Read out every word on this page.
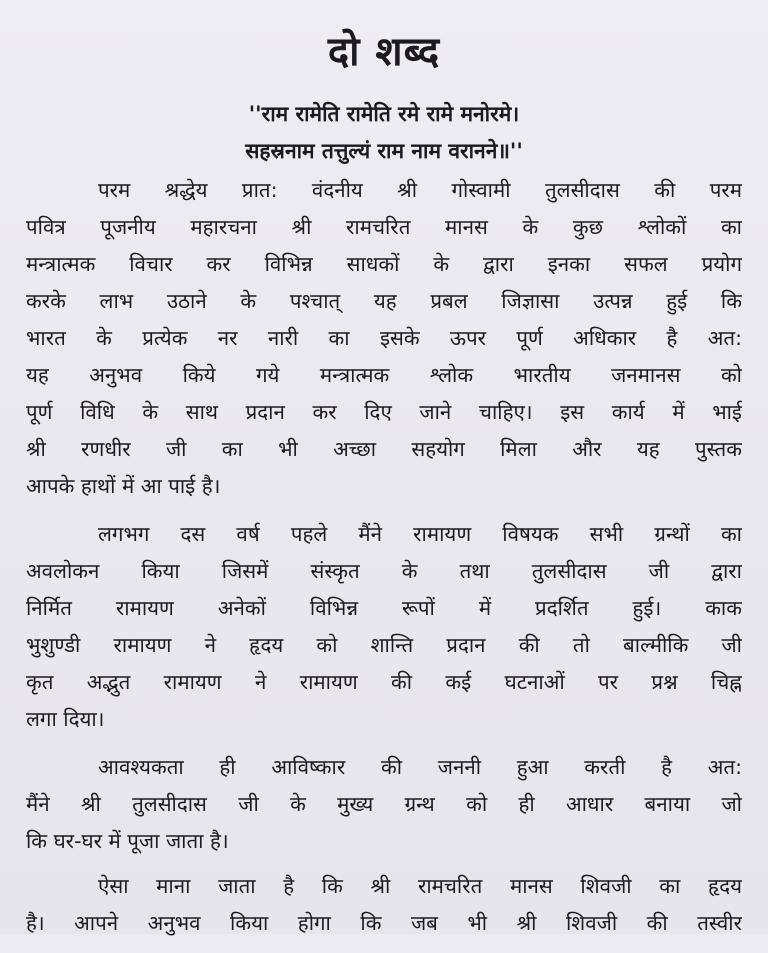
दो शब्द

''राम रामेति रामेति रमे रामे मनोरमे।

सहस्रनाम तत्तुल्यं राम नाम वरानने॥''

परम श्रद्धेय प्रात: वंदनीय श्री गोस्वामी तुलसीदास की परम
पवित्र पूजनीय महारचना श्री रामचरित मानस के कुछ श्लोकों का
मन्त्रात्मक विचार कर विभिन्न साधकों के द्वारा इनका सफल प्रयोग
करके लाभ उठाने के पश्चात् यह प्रबल जिज्ञासा उत्पन्न हुई कि
भारत के प्रत्येक नर नारी का इसके ऊपर पूर्ण अधिकार है अत:
यह अनुभव किये गये मन्त्रात्मक श्लोक भारतीय जनमानस को
पूर्ण विधि के साथ प्रदान कर दिए जाने चाहिए। इस कार्य में भाई
श्री रणधीर जी का भी अच्छा सहयोग मिला और यह पुस्तक
आपके हाथों में आ पाई है।

लगभग दस वर्ष पहले मैंने रामायण विषयक सभी ग्रन्थों का
अवलोकन किया जिसमें संस्कृत के तथा तुलसीदास जी द्वारा
निर्मित रामायण अनेकों विभिन्न रूपों में प्रदर्शित हुई। काक
भुशुण्डी रामायण ने हृदय को शान्ति प्रदान की तो बाल्मीकि जी
कृत अद्भुत रामायण ने रामायण की कई घटनाओं पर प्रश्न चिह्न
लगा दिया।

आवश्यकता ही आविष्कार की जननी हुआ करती है अत:
मैंने श्री तुलसीदास जी के मुख्य ग्रन्थ को ही आधार बनाया जो
कि घर-घर में पूजा जाता है।

ऐसा माना जाता है कि श्री रामचरित मानस शिवजी का हृदय
है। आपने अनुभव किया होगा कि जब भी श्री शिवजी की तस्वीर
